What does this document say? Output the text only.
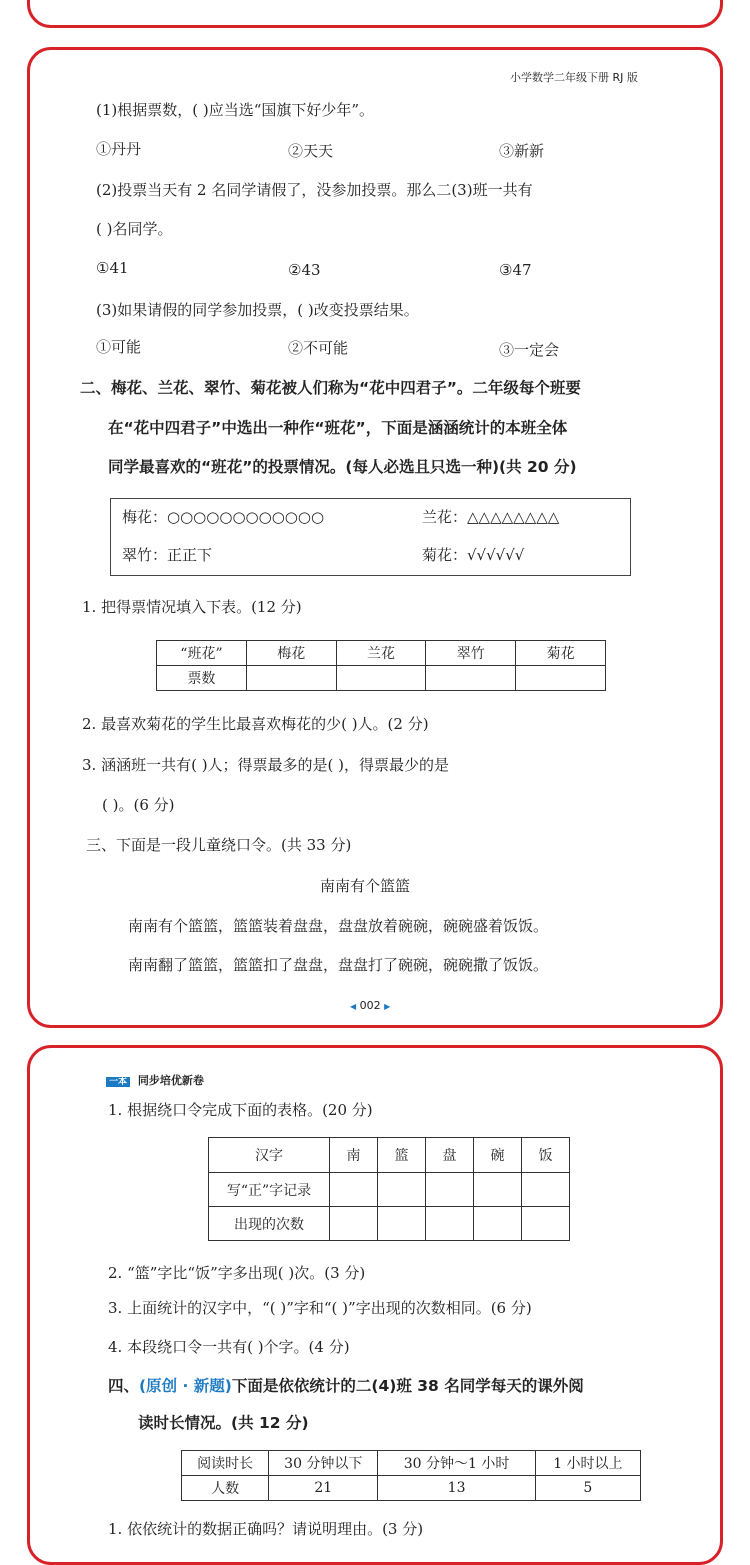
小学数学二年级下册 RJ 版
(1)根据票数，( )应当选“国旗下好少年”。
①丹丹	②天天	③新新
(2)投票当天有 2 名同学请假了，没参加投票。那么二(3)班一共有
( )名同学。
①41	②43	③47
(3)如果请假的同学参加投票，( )改变投票结果。
①可能	②不可能	③一定会
二、梅花、兰花、翠竹、菊花被人们称为“花中四君子”。二年级每个班要
在“花中四君子”中选出一种作“班花”，下面是涵涵统计的本班全体
同学最喜欢的“班花”的投票情况。(每人必选且只选一种)(共 20 分)
梅花：○○○○○○○○○○○○	兰花：△△△△△△△△
翠竹：正正下	菊花：√√√√√√
1. 把得票情况填入下表。(12 分)
“班花”	梅花	兰花	翠竹	菊花
票数				
2. 最喜欢菊花的学生比最喜欢梅花的少( )人。(2 分)
3. 涵涵班一共有( )人；得票最多的是( )，得票最少的是
( )。(6 分)
三、下面是一段儿童绕口令。(共 33 分)
南南有个篮篮
南南有个篮篮，篮篮装着盘盘，盘盘放着碗碗，碗碗盛着饭饭。
南南翻了篮篮，篮篮扣了盘盘，盘盘打了碗碗，碗碗撒了饭饭。
◀ 002 ▶
一本 同步培优新卷
1. 根据绕口令完成下面的表格。(20 分)
汉字	南	篮	盘	碗	饭
写“正”字记录					
出现的次数					
2. “篮”字比“饭”字多出现( )次。(3 分)
3. 上面统计的汉字中，“( )”字和“( )”字出现的次数相同。(6 分)
4. 本段绕口令一共有( )个字。(4 分)
四、(原创 · 新题)下面是依依统计的二(4)班 38 名同学每天的课外阅
读时长情况。(共 12 分)
阅读时长	30 分钟以下	30 分钟～1 小时	1 小时以上
人数	21	13	5
1. 依依统计的数据正确吗？请说明理由。(3 分)
